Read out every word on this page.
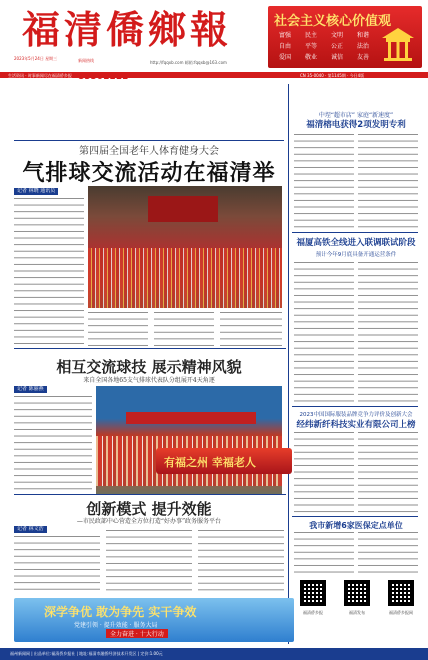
福清僑鄉報
2023年5月24日 星期三	新闻热线	http://fqqxb.com 邮箱:fqqxb@163.com
社会主义核心价值观
富强	民主	文明	和谐
自由	平等	公正	法治
爱国	敬业	诚信	友善
生活资讯 · 时事新闻尽在福清侨乡报	CN 35-0040 · 第1145期 · 今日4版
第四届全国老年人体育健身大会
气排球交流活动在福清举
记者 林晓 通讯员
相互交流球技 展示精神风貌
来自全国各地65支气排球代表队分组展开4天角逐
记者 陈丽燕
有福之州 幸福老人
创新模式 提升效能
—市民政部中心营造全方位打造“好办事”政务服务平台
记者 林文浩
中埕“超市店” 家庭“新速度”
福清榕电获得2项发明专利
福厦高铁全线进入联调联试阶段
预计今年9月底具备开通运营条件
2023中国国际服装品牌竞争力评价及创新大会
经纬新纤科技实业有限公司上榜
我市新增6家医保定点单位
福清侨乡报	福清发布	福清侨乡报网
深学争优 敢为争先 实干争效
党建引领 · 提升效能 · 服务大局
全力奋进 · 十大行动
福州新闻网 | 出品单位:福清侨乡报社 | 地址:福清市融侨经济技术开发区 | 定价:1.00元
